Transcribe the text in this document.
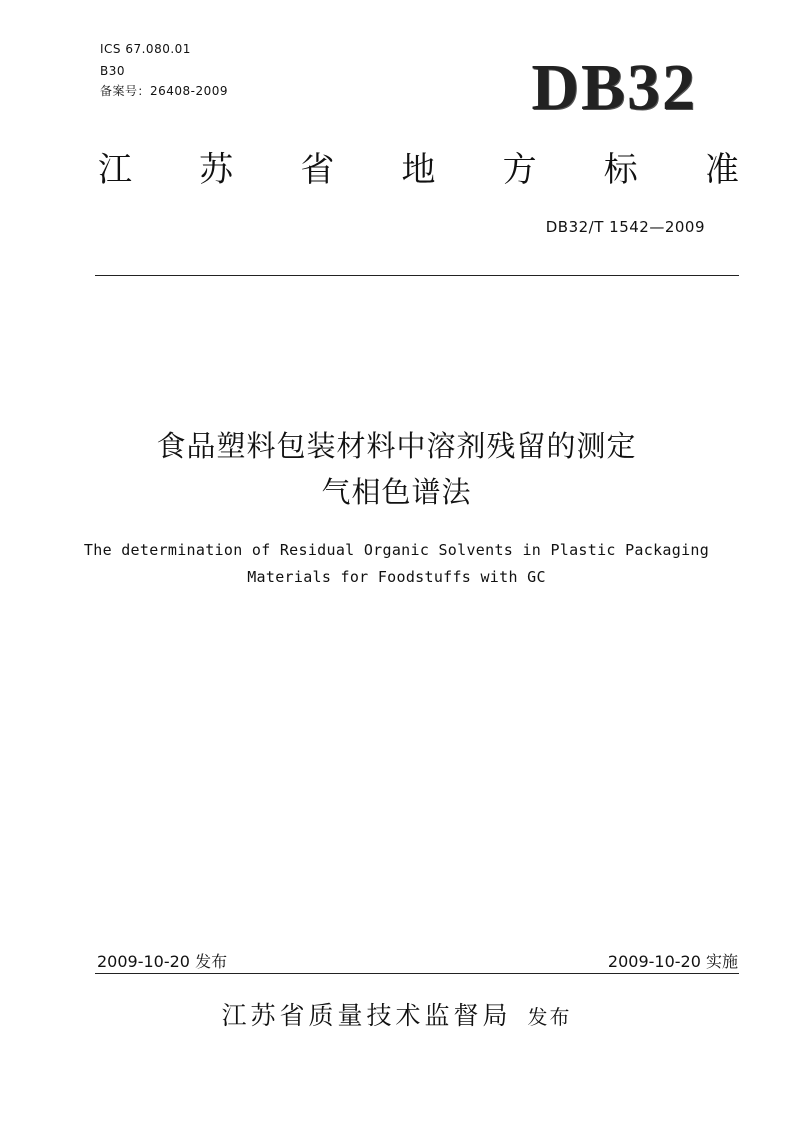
ICS 67.080.01
B30
备案号：26408-2009	DB32
江 苏 省 地 方 标 准
DB32/T 1542—2009
食品塑料包装材料中溶剂残留的测定
气相色谱法
The determination of Residual Organic Solvents in Plastic Packaging
Materials for Foodstuffs with GC
2009-10-20 发布	2009-10-20 实施
江苏省质量技术监督局 发布
